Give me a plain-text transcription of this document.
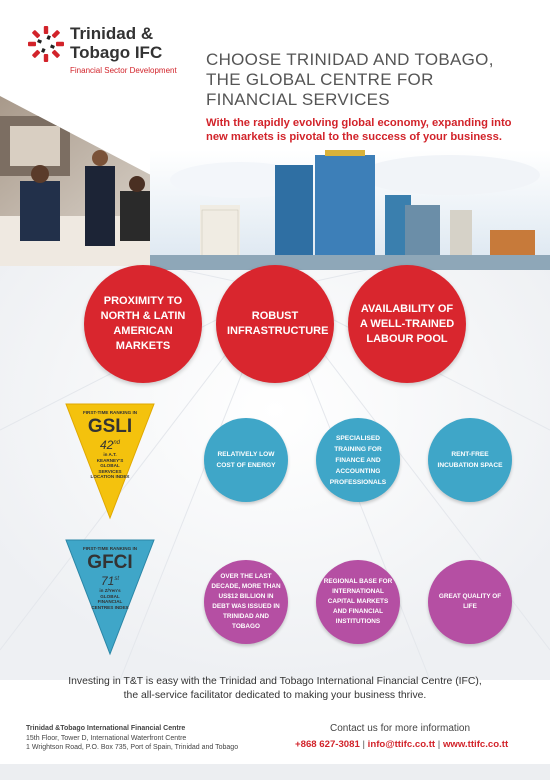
Trinidad &
Tobago IFC
Financial Sector Development
CHOOSE TRINIDAD AND TOBAGO, THE GLOBAL CENTRE FOR FINANCIAL SERVICES
With the rapidly evolving global economy, expanding into new markets is pivotal to the success of your business.
PROXIMITY TO NORTH & LATIN AMERICAN MARKETS
ROBUST INFRASTRUCTURE
AVAILABILITY OF A WELL-TRAINED LABOUR POOL
FIRST-TIME RANKING IN
GSLI
42nd
in A.T. KEARNEY'S GLOBAL SERVICES LOCATION INDEX
FIRST-TIME RANKING IN
GFCI
71st
in Z/Yen's GLOBAL FINANCIAL CENTRES INDEX
RELATIVELY LOW COST OF ENERGY
SPECIALISED TRAINING FOR FINANCE AND ACCOUNTING PROFESSIONALS
RENT-FREE INCUBATION SPACE
OVER THE LAST DECADE, MORE THAN US$12 BILLION IN DEBT WAS ISSUED IN TRINIDAD AND TOBAGO
REGIONAL BASE FOR INTERNATIONAL CAPITAL MARKETS AND FINANCIAL INSTITUTIONS
GREAT QUALITY OF LIFE
Investing in T&T is easy with the Trinidad and Tobago International Financial Centre (IFC),
the all-service facilitator dedicated to making your business thrive.
Trinidad &Tobago International Financial Centre
15th Floor, Tower D, International Waterfront Centre
1 Wrightson Road, P.O. Box 735, Port of Spain, Trinidad and Tobago
Contact us for more information
+868 627-3081 | info@ttifc.co.tt | www.ttifc.co.tt
